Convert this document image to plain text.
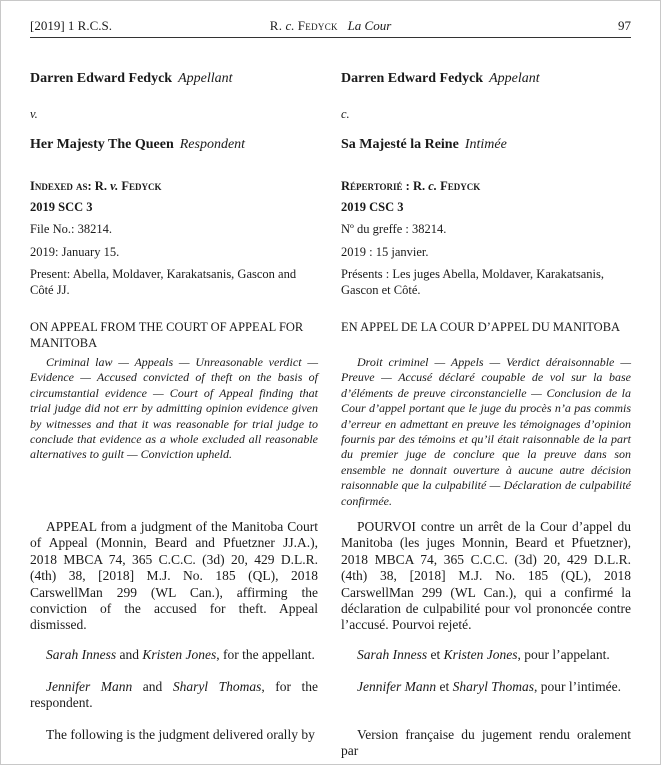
[2019] 1 R.C.S.	R. c. Fedyck La Cour	97

Darren Edward Fedyck Appellant

v.

Her Majesty The Queen Respondent

Indexed as: R. v. Fedyck

2019 SCC 3

File No.: 38214.

2019: January 15.

Present: Abella, Moldaver, Karakatsanis, Gascon and Côté JJ.

ON APPEAL FROM THE COURT OF APPEAL FOR MANITOBA

Criminal law — Appeals — Unreasonable verdict — Evidence — Accused convicted of theft on the basis of circumstantial evidence — Court of Appeal finding that trial judge did not err by admitting opinion evidence given by witnesses and that it was reasonable for trial judge to conclude that evidence as a whole excluded all reasonable alternatives to guilt — Conviction upheld.

APPEAL from a judgment of the Manitoba Court of Appeal (Monnin, Beard and Pfuetzner JJ.A.), 2018 MBCA 74, 365 C.C.C. (3d) 20, 429 D.L.R. (4th) 38, [2018] M.J. No. 185 (QL), 2018 CarswellMan 299 (WL Can.), affirming the conviction of the accused for theft. Appeal dismissed.

Sarah Inness and Kristen Jones, for the appellant.

Jennifer Mann and Sharyl Thomas, for the respondent.

The following is the judgment delivered orally by

Darren Edward Fedyck Appelant

c.

Sa Majesté la Reine Intimée

Répertorié : R. c. Fedyck

2019 CSC 3

Nº du greffe : 38214.

2019 : 15 janvier.

Présents : Les juges Abella, Moldaver, Karakatsanis, Gascon et Côté.

EN APPEL DE LA COUR D’APPEL DU MANITOBA

Droit criminel — Appels — Verdict déraisonnable — Preuve — Accusé déclaré coupable de vol sur la base d’éléments de preuve circonstancielle — Conclusion de la Cour d’appel portant que le juge du procès n’a pas commis d’erreur en admettant en preuve les témoignages d’opinion fournis par des témoins et qu’il était raisonnable de la part du premier juge de conclure que la preuve dans son ensemble ne donnait ouverture à aucune autre décision raisonnable que la culpabilité — Déclaration de culpabilité confirmée.

POURVOI contre un arrêt de la Cour d’appel du Manitoba (les juges Monnin, Beard et Pfuetzner), 2018 MBCA 74, 365 C.C.C. (3d) 20, 429 D.L.R. (4th) 38, [2018] M.J. No. 185 (QL), 2018 CarswellMan 299 (WL Can.), qui a confirmé la déclaration de culpabilité pour vol prononcée contre l’accusé. Pourvoi rejeté.

Sarah Inness et Kristen Jones, pour l’appelant.

Jennifer Mann et Sharyl Thomas, pour l’intimée.

Version française du jugement rendu oralement par
